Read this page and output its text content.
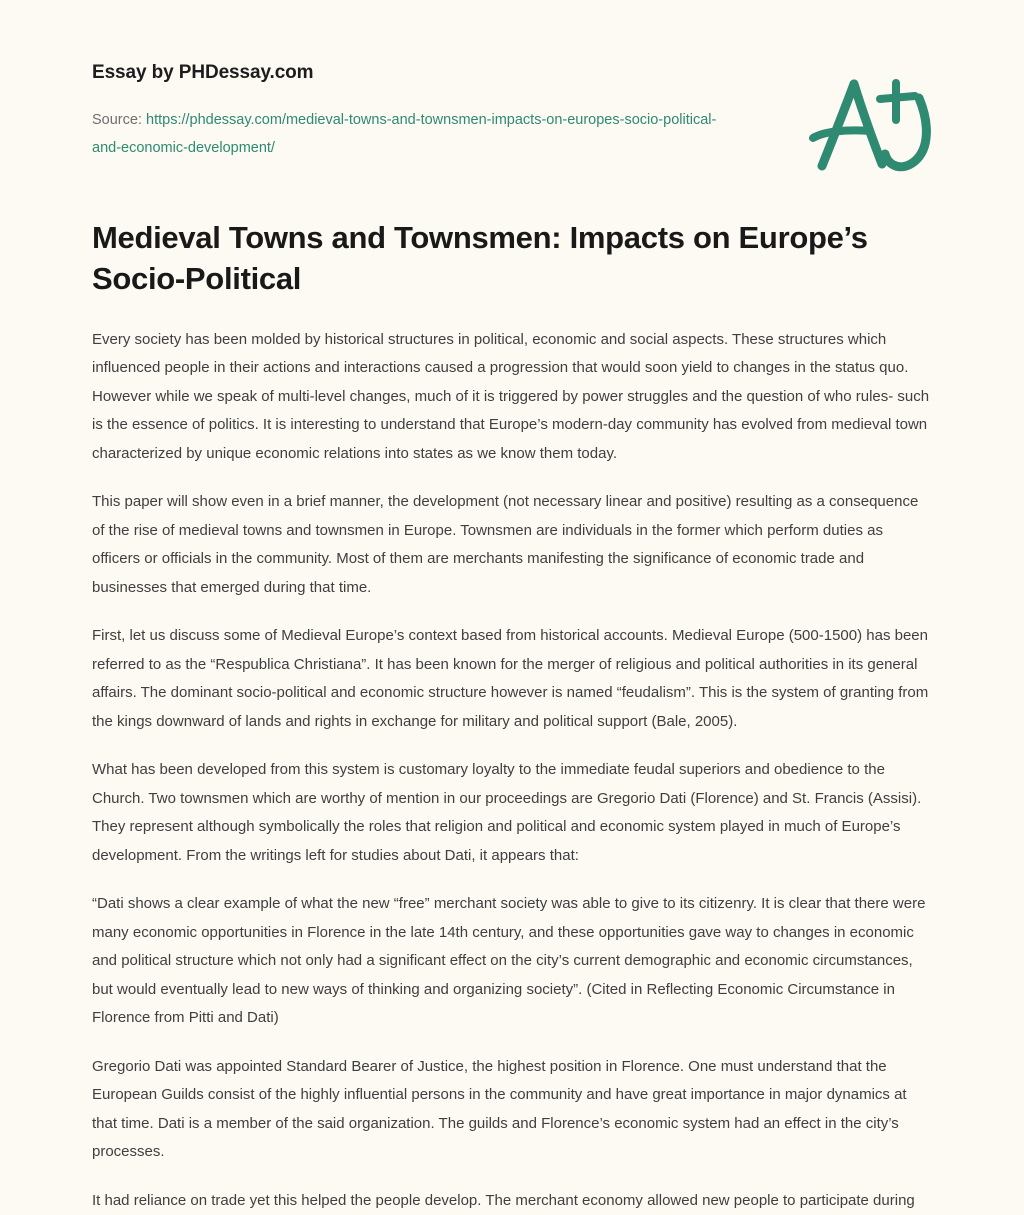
Essay by PHDessay.com
Source: https://phdessay.com/medieval-towns-and-townsmen-impacts-on-europes-socio-political-and-economic-development/
Medieval Towns and Townsmen: Impacts on Europe’s Socio-Political

Every society has been molded by historical structures in political, economic and social aspects. These structures which influenced people in their actions and interactions caused a progression that would soon yield to changes in the status quo. However while we speak of multi-level changes, much of it is triggered by power struggles and the question of who rules- such is the essence of politics. It is interesting to understand that Europe’s modern-day community has evolved from medieval town characterized by unique economic relations into states as we know them today.

This paper will show even in a brief manner, the development (not necessary linear and positive) resulting as a consequence of the rise of medieval towns and townsmen in Europe. Townsmen are individuals in the former which perform duties as officers or officials in the community. Most of them are merchants manifesting the significance of economic trade and businesses that emerged during that time.

First, let us discuss some of Medieval Europe’s context based from historical accounts. Medieval Europe (500-1500) has been referred to as the “Respublica Christiana”. It has been known for the merger of religious and political authorities in its general affairs. The dominant socio-political and economic structure however is named “feudalism”. This is the system of granting from the kings downward of lands and rights in exchange for military and political support (Bale, 2005).

What has been developed from this system is customary loyalty to the immediate feudal superiors and obedience to the Church. Two townsmen which are worthy of mention in our proceedings are Gregorio Dati (Florence) and St. Francis (Assisi). They represent although symbolically the roles that religion and political and economic system played in much of Europe’s development. From the writings left for studies about Dati, it appears that:

“Dati shows a clear example of what the new “free” merchant society was able to give to its citizenry. It is clear that there were many economic opportunities in Florence in the late 14th century, and these opportunities gave way to changes in economic and political structure which not only had a significant effect on the city’s current demographic and economic circumstances, but would eventually lead to new ways of thinking and organizing society”. (Cited in Reflecting Economic Circumstance in Florence from Pitti and Dati)

Gregorio Dati was appointed Standard Bearer of Justice, the highest position in Florence. One must understand that the European Guilds consist of the highly influential persons in the community and have great importance in major dynamics at that time. Dati is a member of the said organization. The guilds and Florence’s economic system had an effect in the city’s processes.

It had reliance on trade yet this helped the people develop. The merchant economy allowed new people to participate during
